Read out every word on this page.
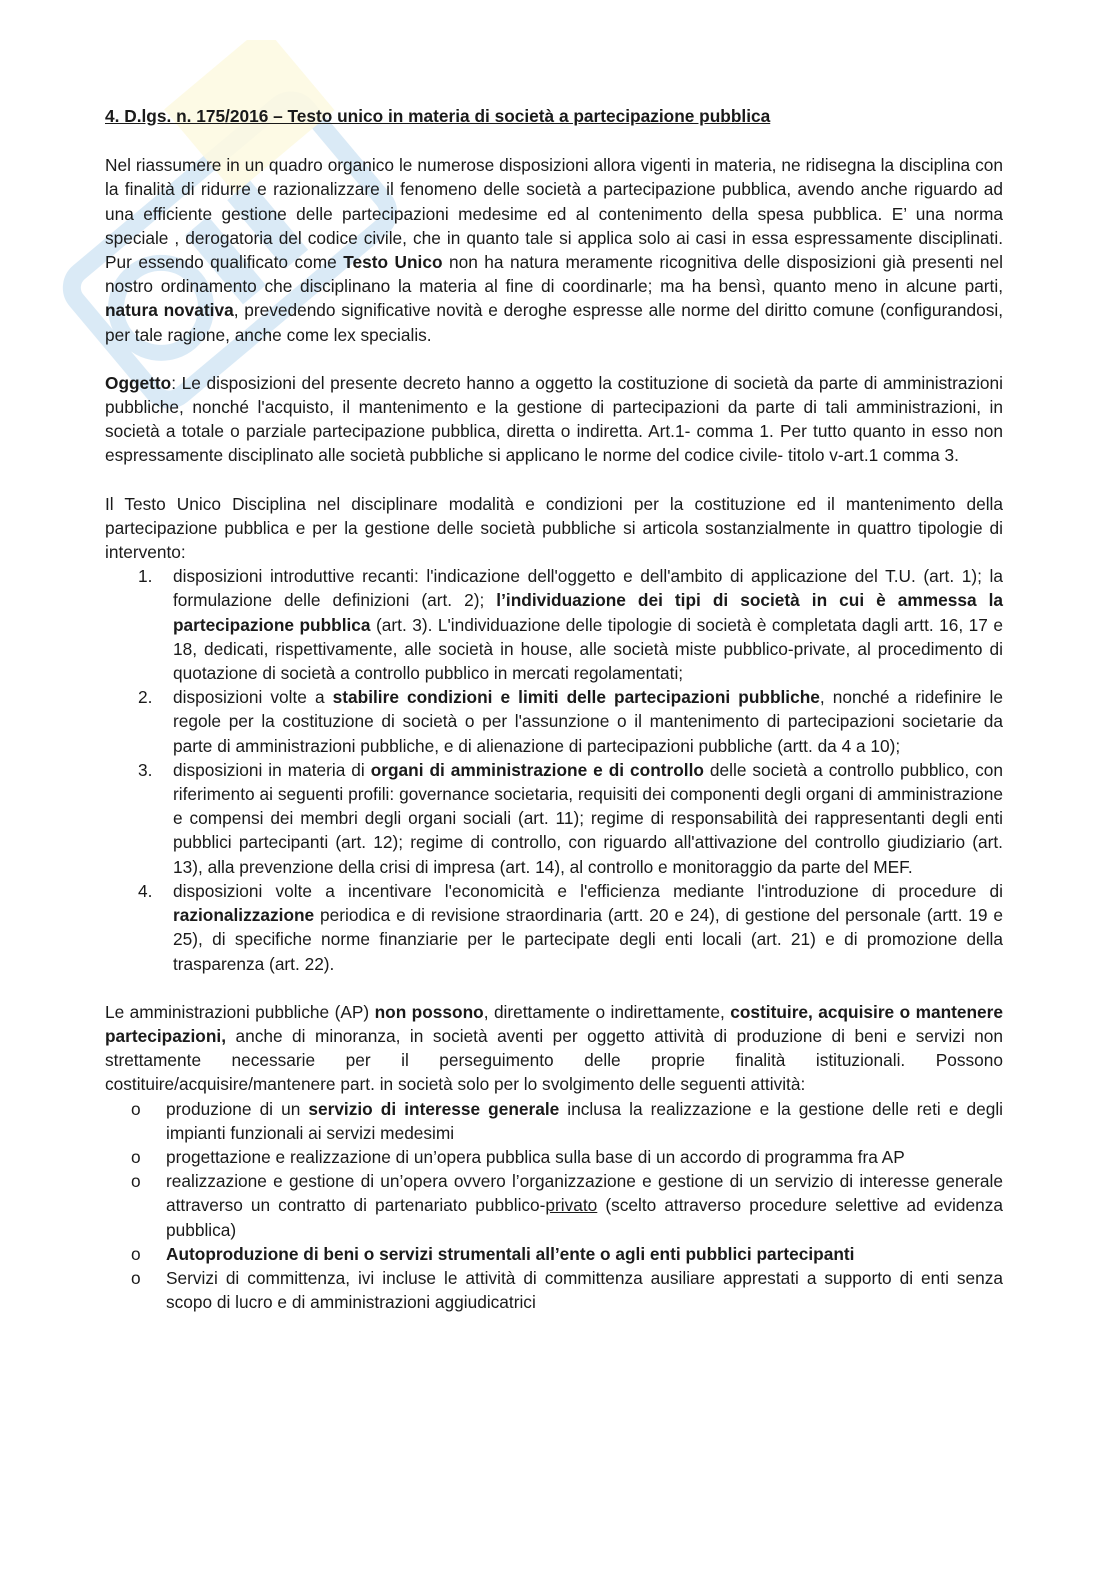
4. D.lgs. n. 175/2016 – Testo unico in materia di società a partecipazione pubblica

Nel riassumere in un quadro organico le numerose disposizioni allora vigenti in materia, ne ridisegna la disciplina con la finalità di ridurre e razionalizzare il fenomeno delle società a partecipazione pubblica, avendo anche riguardo ad una efficiente gestione delle partecipazioni medesime ed al contenimento della spesa pubblica. E’ una norma speciale , derogatoria del codice civile, che in quanto tale si applica solo ai casi in essa espressamente disciplinati. Pur essendo qualificato come Testo Unico non ha natura meramente ricognitiva delle disposizioni già presenti nel nostro ordinamento che disciplinano la materia al fine di coordinarle; ma ha bensì, quanto meno in alcune parti, natura novativa, prevedendo significative novità e deroghe espresse alle norme del diritto comune (configurandosi, per tale ragione, anche come lex specialis.

Oggetto: Le disposizioni del presente decreto hanno a oggetto la costituzione di società da parte di amministrazioni pubbliche, nonché l'acquisto, il mantenimento e la gestione di partecipazioni da parte di tali amministrazioni, in società a totale o parziale partecipazione pubblica, diretta o indiretta. Art.1- comma 1. Per tutto quanto in esso non espressamente disciplinato alle società pubbliche si applicano le norme del codice civile- titolo v-art.1 comma 3.

Il Testo Unico Disciplina nel disciplinare modalità e condizioni per la costituzione ed il mantenimento della partecipazione pubblica e per la gestione delle società pubbliche si articola sostanzialmente in quattro tipologie di intervento:

1. disposizioni introduttive recanti: l'indicazione dell'oggetto e dell'ambito di applicazione del T.U. (art. 1); la formulazione delle definizioni (art. 2); l’individuazione dei tipi di società in cui è ammessa la partecipazione pubblica (art. 3). L'individuazione delle tipologie di società è completata dagli artt. 16, 17 e 18, dedicati, rispettivamente, alle società in house, alle società miste pubblico-private, al procedimento di quotazione di società a controllo pubblico in mercati regolamentati;
2. disposizioni volte a stabilire condizioni e limiti delle partecipazioni pubbliche, nonché a ridefinire le regole per la costituzione di società o per l'assunzione o il mantenimento di partecipazioni societarie da parte di amministrazioni pubbliche, e di alienazione di partecipazioni pubbliche (artt. da 4 a 10);
3. disposizioni in materia di organi di amministrazione e di controllo delle società a controllo pubblico, con riferimento ai seguenti profili: governance societaria, requisiti dei componenti degli organi di amministrazione e compensi dei membri degli organi sociali (art. 11); regime di responsabilità dei rappresentanti degli enti pubblici partecipanti (art. 12); regime di controllo, con riguardo all'attivazione del controllo giudiziario (art. 13), alla prevenzione della crisi di impresa (art. 14), al controllo e monitoraggio da parte del MEF.
4. disposizioni volte a incentivare l'economicità e l'efficienza mediante l'introduzione di procedure di razionalizzazione periodica e di revisione straordinaria (artt. 20 e 24), di gestione del personale (artt. 19 e 25), di specifiche norme finanziarie per le partecipate degli enti locali (art. 21) e di promozione della trasparenza (art. 22).

Le amministrazioni pubbliche (AP) non possono, direttamente o indirettamente, costituire, acquisire o mantenere partecipazioni, anche di minoranza, in società aventi per oggetto attività di produzione di beni e servizi non strettamente necessarie per il perseguimento delle proprie finalità istituzionali. Possono costituire/acquisire/mantenere part. in società solo per lo svolgimento delle seguenti attività:

o produzione di un servizio di interesse generale inclusa la realizzazione e la gestione delle reti e degli impianti funzionali ai servizi medesimi
o progettazione e realizzazione di un’opera pubblica sulla base di un accordo di programma fra AP
o realizzazione e gestione di un’opera ovvero l’organizzazione e gestione di un servizio di interesse generale attraverso un contratto di partenariato pubblico-privato (scelto attraverso procedure selettive ad evidenza pubblica)
o Autoproduzione di beni o servizi strumentali all’ente o agli enti pubblici partecipanti
o Servizi di committenza, ivi incluse le attività di committenza ausiliare apprestati a supporto di enti senza scopo di lucro e di amministrazioni aggiudicatrici
